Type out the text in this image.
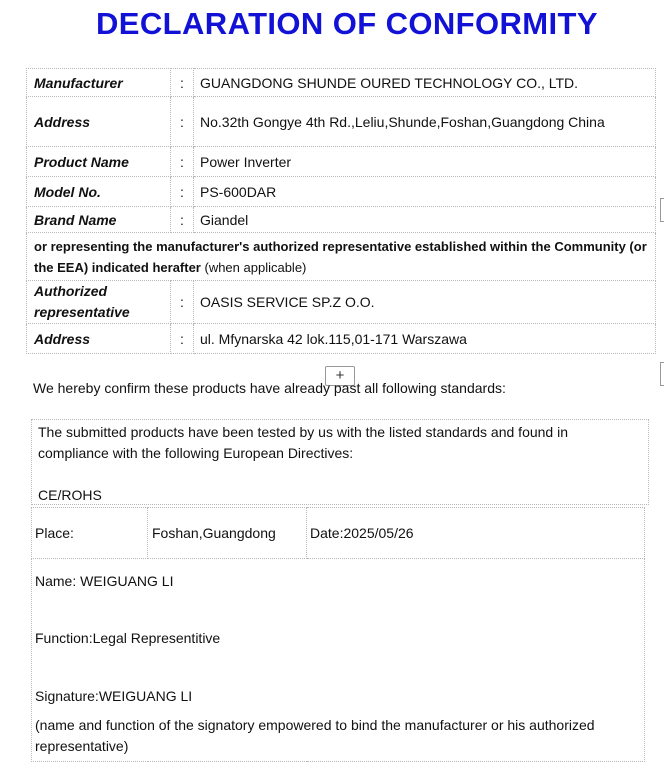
DECLARATION OF CONFORMITY
Manufacturer	:	GUANGDONG SHUNDE OURED TECHNOLOGY CO., LTD.
Address	:	No.32th Gongye 4th Rd.,Leliu,Shunde,Foshan,Guangdong China
Product Name	:	Power Inverter
Model No.	:	PS-600DAR
Brand Name	:	Giandel
or representing the manufacturer's authorized representative established within the Community (or the EEA) indicated herafter (when applicable)		
Authorized representative	:	OASIS SERVICE SP.Z O.O.
Address	:	ul. Mfynarska 42 lok.115,01-171 Warszawa
+
We hereby confirm these products have already past all following standards:
The submitted products have been tested by us with the listed standards and found in compliance with the following European Directives:
CE/ROHS
Place:	Foshan,Guangdong	Date:2025/05/26

Name: WEIGUANG LI
Function:Legal Representitive
Signature:WEIGUANG LI
(name and function of the signatory empowered to bind the manufacturer or his authorized representative)
